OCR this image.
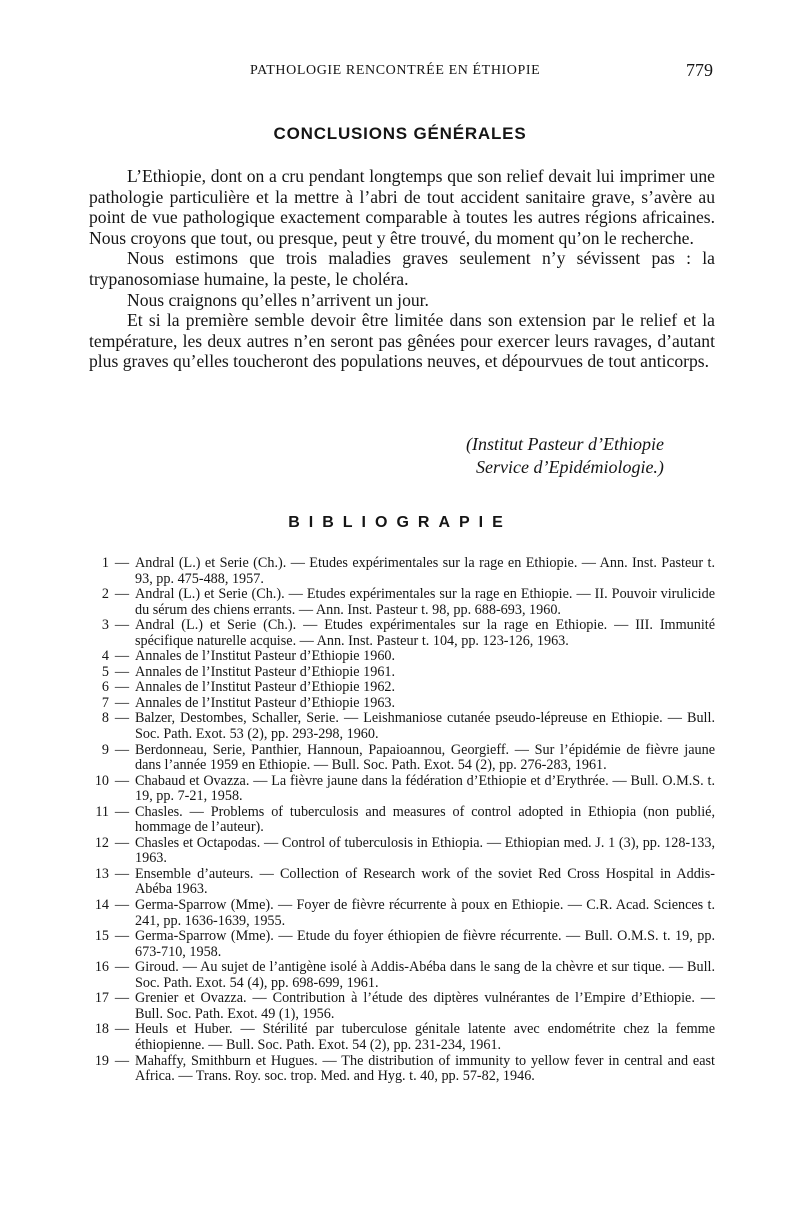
PATHOLOGIE RENCONTRÉE EN ÉTHIOPIE	779
CONCLUSIONS GÉNÉRALES

L’Ethiopie, dont on a cru pendant longtemps que son relief devait lui imprimer une pathologie particulière et la mettre à l’abri de tout accident sanitaire grave, s’avère au point de vue pathologique exactement comparable à toutes les autres régions africaines. Nous croyons que tout, ou presque, peut y être trouvé, du moment qu’on le recherche.

Nous estimons que trois maladies graves seulement n’y sévissent pas : la trypanosomiase humaine, la peste, le choléra.

Nous craignons qu’elles n’arrivent un jour.

Et si la première semble devoir être limitée dans son extension par le relief et la température, les deux autres n’en seront pas gênées pour exercer leurs ravages, d’autant plus graves qu’elles toucheront des populations neuves, et dépourvues de tout anticorps.

(Institut Pasteur d’Ethiopie
Service d’Epidémiologie.)
BIBLIOGRAPIE
1 — Andral (L.) et Serie (Ch.). — Etudes expérimentales sur la rage en Ethiopie. — Ann. Inst. Pasteur t. 93, pp. 475-488, 1957.
2 — Andral (L.) et Serie (Ch.). — Etudes expérimentales sur la rage en Ethiopie. — II. Pouvoir virulicide du sérum des chiens errants. — Ann. Inst. Pasteur t. 98, pp. 688-693, 1960.
3 — Andral (L.) et Serie (Ch.). — Etudes expérimentales sur la rage en Ethiopie. — III. Immunité spécifique naturelle acquise. — Ann. Inst. Pasteur t. 104, pp. 123-126, 1963.
4 — Annales de l’Institut Pasteur d’Ethiopie 1960.
5 — Annales de l’Institut Pasteur d’Ethiopie 1961.
6 — Annales de l’Institut Pasteur d’Ethiopie 1962.
7 — Annales de l’Institut Pasteur d’Ethiopie 1963.
8 — Balzer, Destombes, Schaller, Serie. — Leishmaniose cutanée pseudo-lépreuse en Ethiopie. — Bull. Soc. Path. Exot. 53 (2), pp. 293-298, 1960.
9 — Berdonneau, Serie, Panthier, Hannoun, Papaioannou, Georgieff. — Sur l’épidémie de fièvre jaune dans l’année 1959 en Ethiopie. — Bull. Soc. Path. Exot. 54 (2), pp. 276-283, 1961.
10 — Chabaud et Ovazza. — La fièvre jaune dans la fédération d’Ethiopie et d’Erythrée. — Bull. O.M.S. t. 19, pp. 7-21, 1958.
11 — Chasles. — Problems of tuberculosis and measures of control adopted in Ethiopia (non publié, hommage de l’auteur).
12 — Chasles et Octapodas. — Control of tuberculosis in Ethiopia. — Ethiopian med. J. 1 (3), pp. 128-133, 1963.
13 — Ensemble d’auteurs. — Collection of Research work of the soviet Red Cross Hospital in Addis-Abéba 1963.
14 — Germa-Sparrow (Mme). — Foyer de fièvre récurrente à poux en Ethiopie. — C.R. Acad. Sciences t. 241, pp. 1636-1639, 1955.
15 — Germa-Sparrow (Mme). — Etude du foyer éthiopien de fièvre récurrente. — Bull. O.M.S. t. 19, pp. 673-710, 1958.
16 — Giroud. — Au sujet de l’antigène isolé à Addis-Abéba dans le sang de la chèvre et sur tique. — Bull. Soc. Path. Exot. 54 (4), pp. 698-699, 1961.
17 — Grenier et Ovazza. — Contribution à l’étude des diptères vulnérantes de l’Empire d’Ethiopie. — Bull. Soc. Path. Exot. 49 (1), 1956.
18 — Heuls et Huber. — Stérilité par tuberculose génitale latente avec endométrite chez la femme éthiopienne. — Bull. Soc. Path. Exot. 54 (2), pp. 231-234, 1961.
19 — Mahaffy, Smithburn et Hugues. — The distribution of immunity to yellow fever in central and east Africa. — Trans. Roy. soc. trop. Med. and Hyg. t. 40, pp. 57-82, 1946.
